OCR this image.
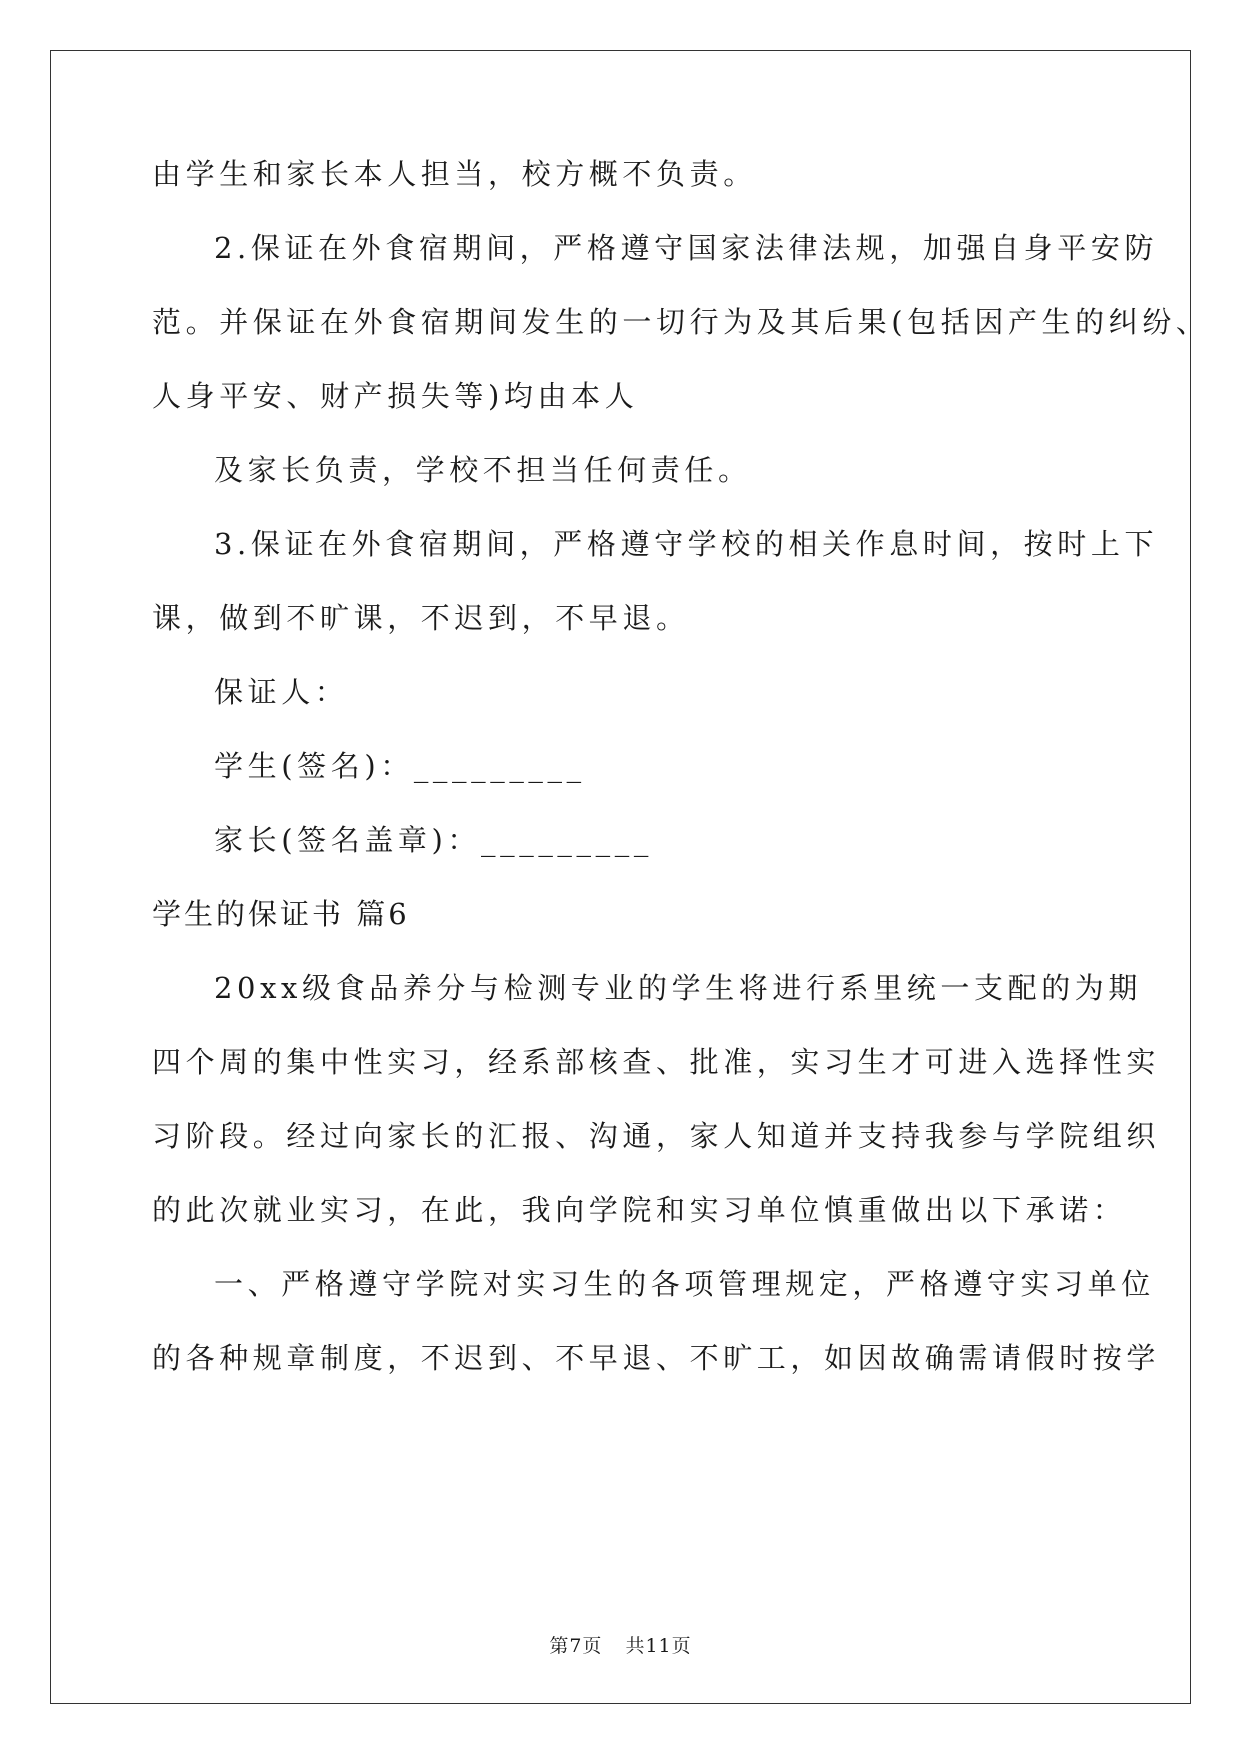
由学生和家长本人担当，校方概不负责。
2.保证在外食宿期间，严格遵守国家法律法规，加强自身平安防
范。并保证在外食宿期间发生的一切行为及其后果(包括因产生的纠纷、
人身平安、财产损失等)均由本人
及家长负责，学校不担当任何责任。
3.保证在外食宿期间，严格遵守学校的相关作息时间，按时上下
课，做到不旷课，不迟到，不早退。
保证人：
学生(签名)：_________
家长(签名盖章)：_________
学生的保证书 篇6
20xx级食品养分与检测专业的学生将进行系里统一支配的为期
四个周的集中性实习，经系部核查、批准，实习生才可进入选择性实
习阶段。经过向家长的汇报、沟通，家人知道并支持我参与学院组织
的此次就业实习，在此，我向学院和实习单位慎重做出以下承诺：
一、严格遵守学院对实习生的各项管理规定，严格遵守实习单位
的各种规章制度，不迟到、不早退、不旷工，如因故确需请假时按学
第7页 共11页
